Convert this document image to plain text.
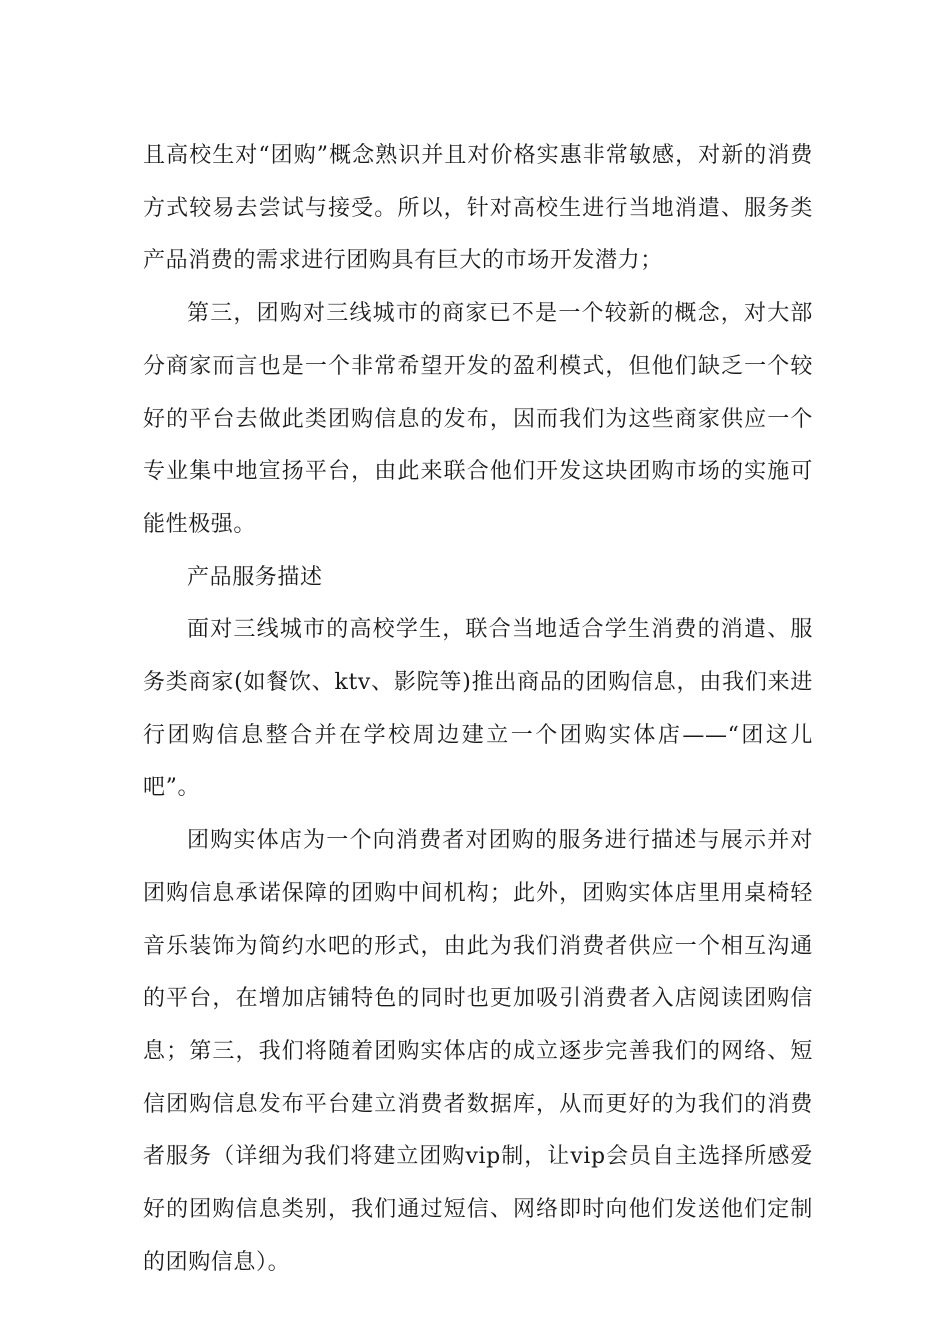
且高校生对“团购”概念熟识并且对价格实惠非常敏感，对新的消费方式较易去尝试与接受。所以，针对高校生进行当地消遣、服务类产品消费的需求进行团购具有巨大的市场开发潜力；

第三，团购对三线城市的商家已不是一个较新的概念，对大部分商家而言也是一个非常希望开发的盈利模式，但他们缺乏一个较好的平台去做此类团购信息的发布，因而我们为这些商家供应一个专业集中地宣扬平台，由此来联合他们开发这块团购市场的实施可能性极强。

产品服务描述

面对三线城市的高校学生，联合当地适合学生消费的消遣、服务类商家(如餐饮、ktv、影院等)推出商品的团购信息，由我们来进行团购信息整合并在学校周边建立一个团购实体店——“团这儿吧”。

团购实体店为一个向消费者对团购的服务进行描述与展示并对团购信息承诺保障的团购中间机构；此外，团购实体店里用桌椅轻音乐装饰为简约水吧的形式，由此为我们消费者供应一个相互沟通的平台，在增加店铺特色的同时也更加吸引消费者入店阅读团购信息；第三，我们将随着团购实体店的成立逐步完善我们的网络、短信团购信息发布平台建立消费者数据库，从而更好的为我们的消费者服务（详细为我们将建立团购vip制，让vip会员自主选择所感爱好的团购信息类别，我们通过短信、网络即时向他们发送他们定制的团购信息）。
